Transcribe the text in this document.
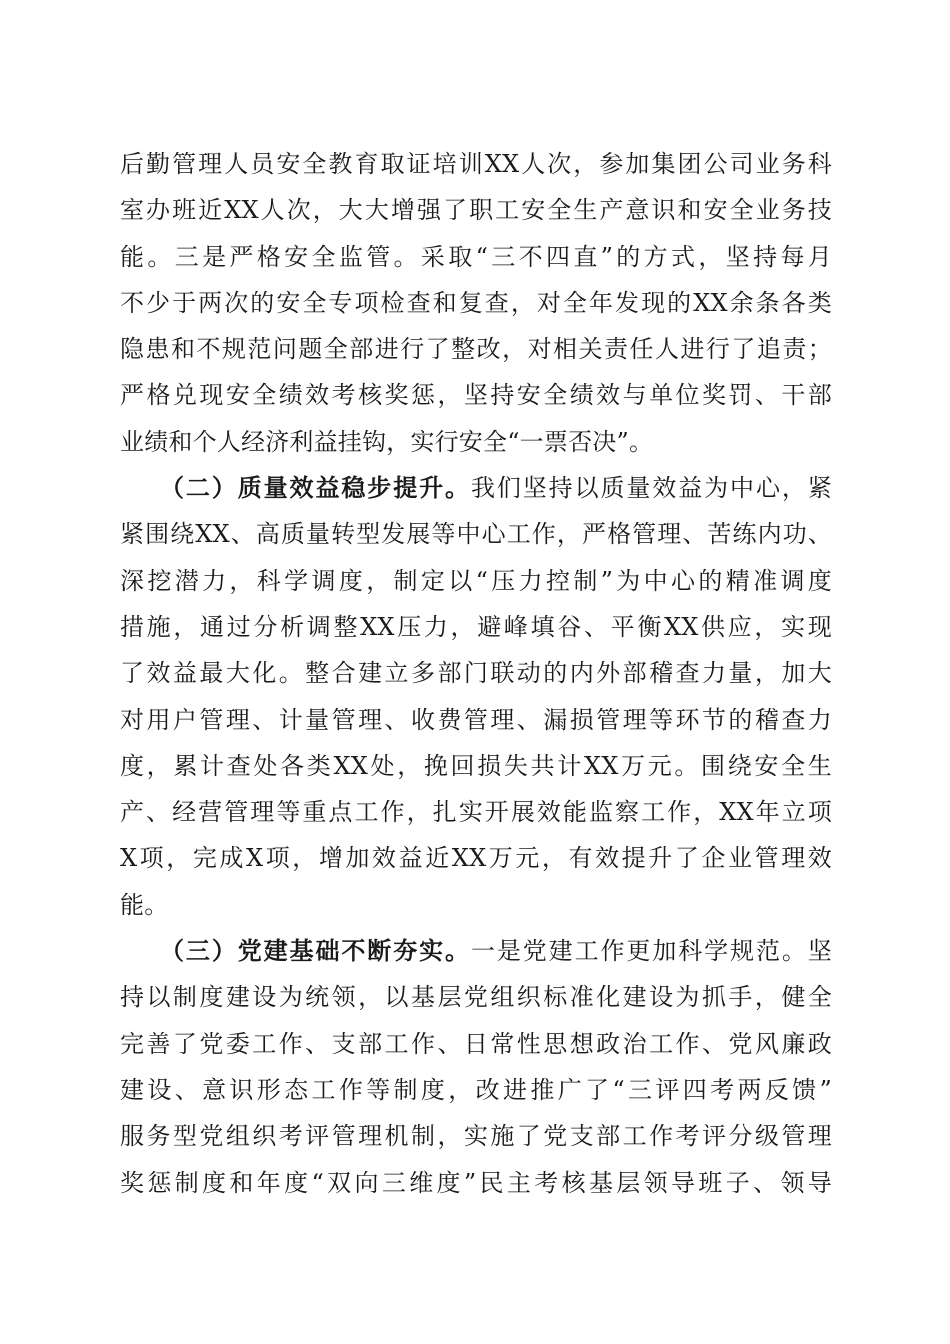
后勤管理人员安全教育取证培训XX人次，参加集团公司业务科
室办班近XX人次，大大增强了职工安全生产意识和安全业务技
能。三是严格安全监管。采取“三不四直”的方式，坚持每月
不少于两次的安全专项检查和复查，对全年发现的XX余条各类
隐患和不规范问题全部进行了整改，对相关责任人进行了追责；
严格兑现安全绩效考核奖惩，坚持安全绩效与单位奖罚、干部
业绩和个人经济利益挂钩，实行安全“一票否决”。
（二）质量效益稳步提升。我们坚持以质量效益为中心，紧
紧围绕XX、高质量转型发展等中心工作，严格管理、苦练内功、
深挖潜力，科学调度，制定以“压力控制”为中心的精准调度
措施，通过分析调整XX压力，避峰填谷、平衡XX供应，实现
了效益最大化。整合建立多部门联动的内外部稽查力量，加大
对用户管理、计量管理、收费管理、漏损管理等环节的稽查力
度，累计查处各类XX处，挽回损失共计XX万元。围绕安全生
产、经营管理等重点工作，扎实开展效能监察工作，XX年立项
X项，完成X项，增加效益近XX万元，有效提升了企业管理效
能。
（三）党建基础不断夯实。一是党建工作更加科学规范。坚
持以制度建设为统领，以基层党组织标准化建设为抓手，健全
完善了党委工作、支部工作、日常性思想政治工作、党风廉政
建设、意识形态工作等制度，改进推广了“三评四考两反馈”
服务型党组织考评管理机制，实施了党支部工作考评分级管理
奖惩制度和年度“双向三维度”民主考核基层领导班子、领导
